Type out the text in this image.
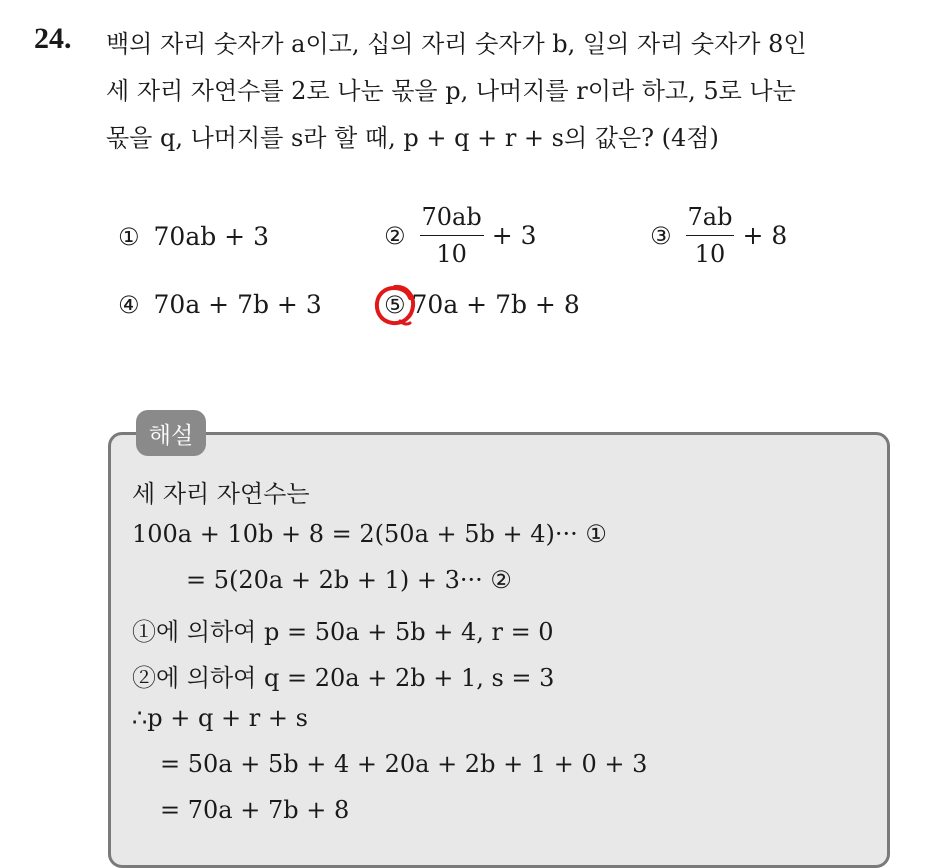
24. 백의 자리 숫자가 a이고, 십의 자리 숫자가 b, 일의 자리 숫자가 8인
세 자리 자연수를 2로 나눈 몫을 p, 나머지를 r이라 하고, 5로 나눈
몫을 q, 나머지를 s라 할 때, p + q + r + s의 값은? (4점)
① 70ab + 3	② $\frac{70ab}{10} + 3$	③ $\frac{7ab}{10} + 8$
④ 70a + 7b + 3	⑤ 70a + 7b + 8
해설
세 자리 자연수는
100a + 10b + 8 = 2(50a + 5b + 4)··· ①
= 5(20a + 2b + 1) + 3··· ②
①에 의하여 p = 50a + 5b + 4, r = 0
②에 의하여 q = 20a + 2b + 1, s = 3
∴p + q + r + s
= 50a + 5b + 4 + 20a + 2b + 1 + 0 + 3
= 70a + 7b + 8
